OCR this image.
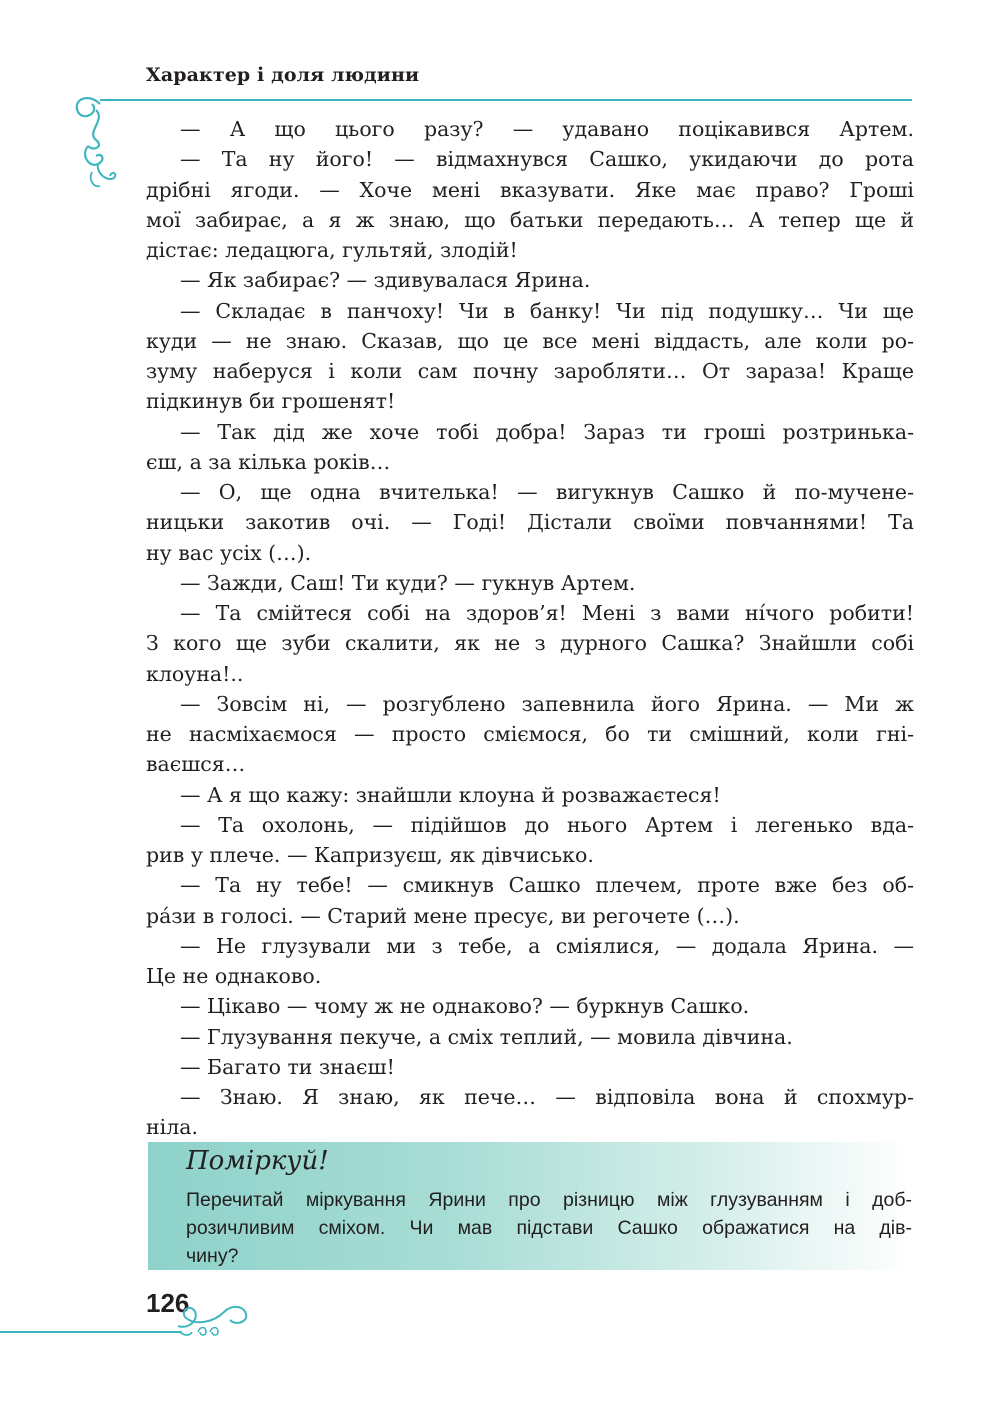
Характер і доля людини
— А що цього разу? — удавано поцікавився Артем.
— Та ну його! — відмахнувся Сашко, укидаючи до рота
дрібні ягоди. — Хоче мені вказувати. Яке має право? Гроші
мої забирає, а я ж знаю, що батьки передають… А тепер ще й
дістає: ледацюга, гультяй, злодій!
— Як забирає? — здивувалася Ярина.
— Складає в панчоху! Чи в банку! Чи під подушку… Чи ще
куди — не знаю. Сказав, що це все мені віддасть, але коли ро-
зуму наберуся і коли сам почну заробляти… От зараза! Краще
підкинув би грошенят!
— Так дід же хоче тобі добра! Зараз ти гроші розтринька-
єш, а за кілька років…
— О, ще одна вчителька! — вигукнув Сашко й по-мучене-
ницьки закотив очі. — Годі! Дістали своїми повчаннями! Та
ну вас усіх (…).
— Зажди, Саш! Ти куди? — гукнув Артем.
— Та смійтеся собі на здоров’я! Мені з вами ні́чого робити!
З кого ще зуби скалити, як не з дурного Сашка? Знайшли собі
клоуна!..
— Зовсім ні, — розгублено запевнила його Ярина. — Ми ж
не насміхаємося — просто сміємося, бо ти смішний, коли гні-
ваєшся…
— А я що кажу: знайшли клоуна й розважаєтеся!
— Та охолонь, — підійшов до нього Артем і легенько вда-
рив у плече. — Капризуєш, як дівчисько.
— Та ну тебе! — смикнув Сашко плечем, проте вже без об-
ра́зи в голосі. — Старий мене пресує, ви регочете (…).
— Не глузували ми з тебе, а сміялися, — додала Ярина. —
Це не однаково.
— Цікаво — чому ж не однаково? — буркнув Сашко.
— Глузування пекуче, а сміх теплий, — мовила дівчина.
— Багато ти знаєш!
— Знаю. Я знаю, як пече… — відповіла вона й спохмур-
ніла.
Поміркуй!
Перечитай міркування Ярини про різницю між глузуванням і доб-
розичливим сміхом. Чи мав підстави Сашко ображатися на дів-
чину?
126
